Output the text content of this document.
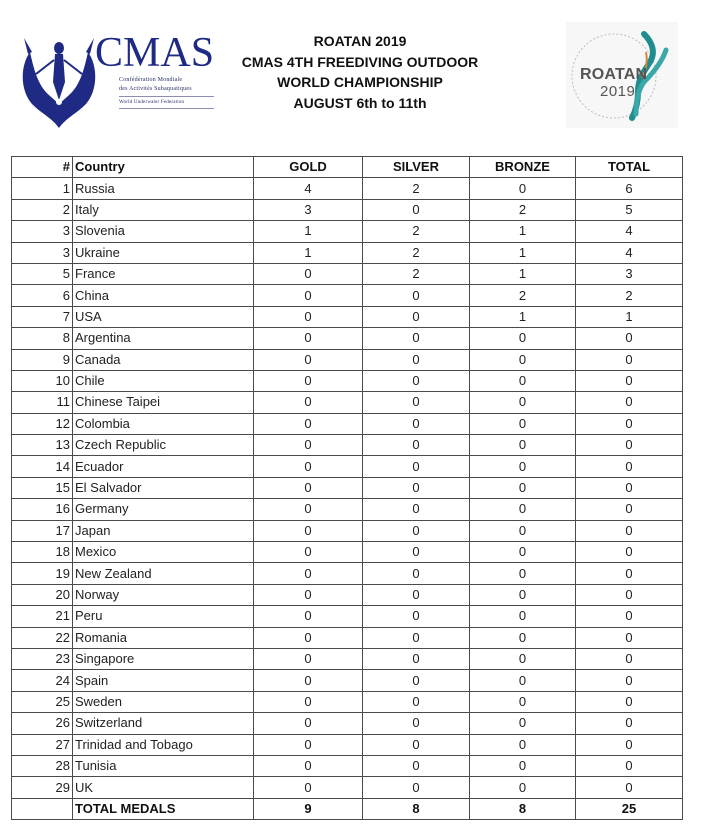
CMAS
Confédération Mondiale
des Activités Subaquatiques
World Underwater Federation
ROATAN 2019
CMAS 4TH FREEDIVING OUTDOOR
WORLD CHAMPIONSHIP
AUGUST 6th to 11th
ROATAN
2019
#	Country	GOLD	SILVER	BRONZE	TOTAL
1	Russia	4	2	0	6
2	Italy	3	0	2	5
3	Slovenia	1	2	1	4
3	Ukraine	1	2	1	4
5	France	0	2	1	3
6	China	0	0	2	2
7	USA	0	0	1	1
8	Argentina	0	0	0	0
9	Canada	0	0	0	0
10	Chile	0	0	0	0
11	Chinese Taipei	0	0	0	0
12	Colombia	0	0	0	0
13	Czech Republic	0	0	0	0
14	Ecuador	0	0	0	0
15	El Salvador	0	0	0	0
16	Germany	0	0	0	0
17	Japan	0	0	0	0
18	Mexico	0	0	0	0
19	New Zealand	0	0	0	0
20	Norway	0	0	0	0
21	Peru	0	0	0	0
22	Romania	0	0	0	0
23	Singapore	0	0	0	0
24	Spain	0	0	0	0
25	Sweden	0	0	0	0
26	Switzerland	0	0	0	0
27	Trinidad and Tobago	0	0	0	0
28	Tunisia	0	0	0	0
29	UK	0	0	0	0
	TOTAL MEDALS	9	8	8	25
